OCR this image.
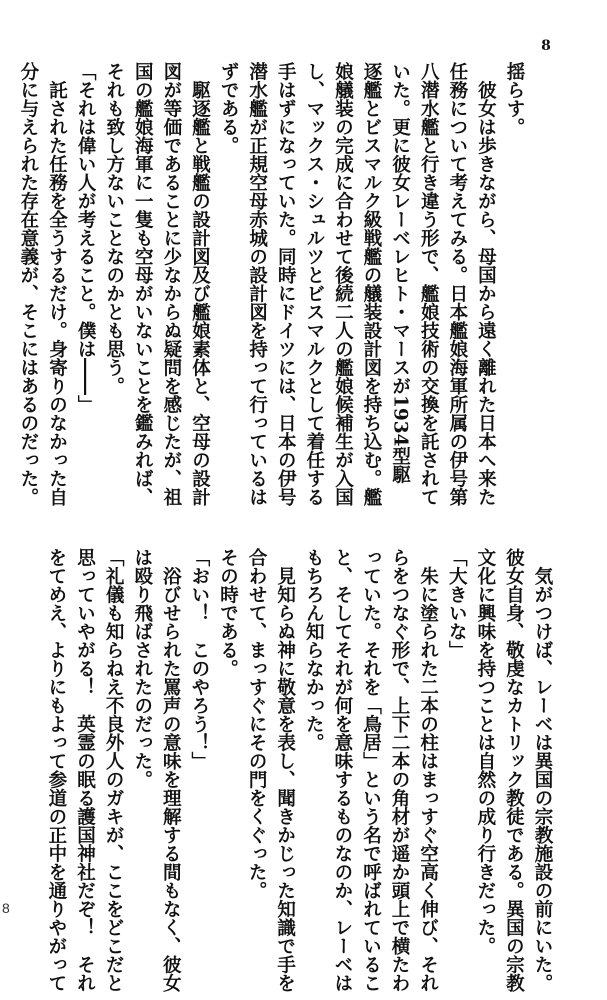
8
8
揺らす。
　彼女は歩きながら、母国から遠く離れた日本へ来た
任務について考えてみる。日本艦娘海軍所属の伊号第
八潜水艦と行き違う形で、艦娘技術の交換を託されて
いた。更に彼女レーベレヒト・マースが1934型駆
逐艦とビスマルク級戦艦の艤装設計図を持ち込む。艦
娘艤装の完成に合わせて後続二人の艦娘候補生が入国
し、マックス・シュルツとビスマルクとして着任する
手はずになっていた。同時にドイツには、日本の伊号
潜水艦が正規空母赤城の設計図を持って行っているは
ずである。
　駆逐艦と戦艦の設計図及び艦娘素体と、空母の設計
図が等価であることに少なからぬ疑問を感じたが、祖
国の艦娘海軍に一隻も空母がいないことを鑑みれば、
それも致し方ないことなのかとも思う。
「それは偉い人が考えること。僕は――」
　託された任務を全うするだけ。身寄りのなかった自
分に与えられた存在意義が、そこにはあるのだった。
　気がつけば、レーベは異国の宗教施設の前にいた。
彼女自身、敬虔なカトリック教徒である。異国の宗教
文化に興味を持つことは自然の成り行きだった。
「大きいな」
　朱に塗られた二本の柱はまっすぐ空高く伸び、それ
らをつなぐ形で、上下二本の角材が遥か頭上で横たわ
っていた。それを「鳥居」という名で呼ばれているこ
と、そしてそれが何を意味するものなのか、レーベは
もちろん知らなかった。
　見知らぬ神に敬意を表し、聞きかじった知識で手を
合わせて、まっすぐにその門をくぐった。
その時である。
「おい！　このやろう！」
　浴びせられた罵声の意味を理解する間もなく、彼女
は殴り飛ばされたのだった。
「礼儀も知らねえ不良外人のガキが、ここをどこだと
思っていやがる！　英霊の眠る護国神社だぞ！　それ
をてめえ、よりにもよって参道の正中を通りやがって
